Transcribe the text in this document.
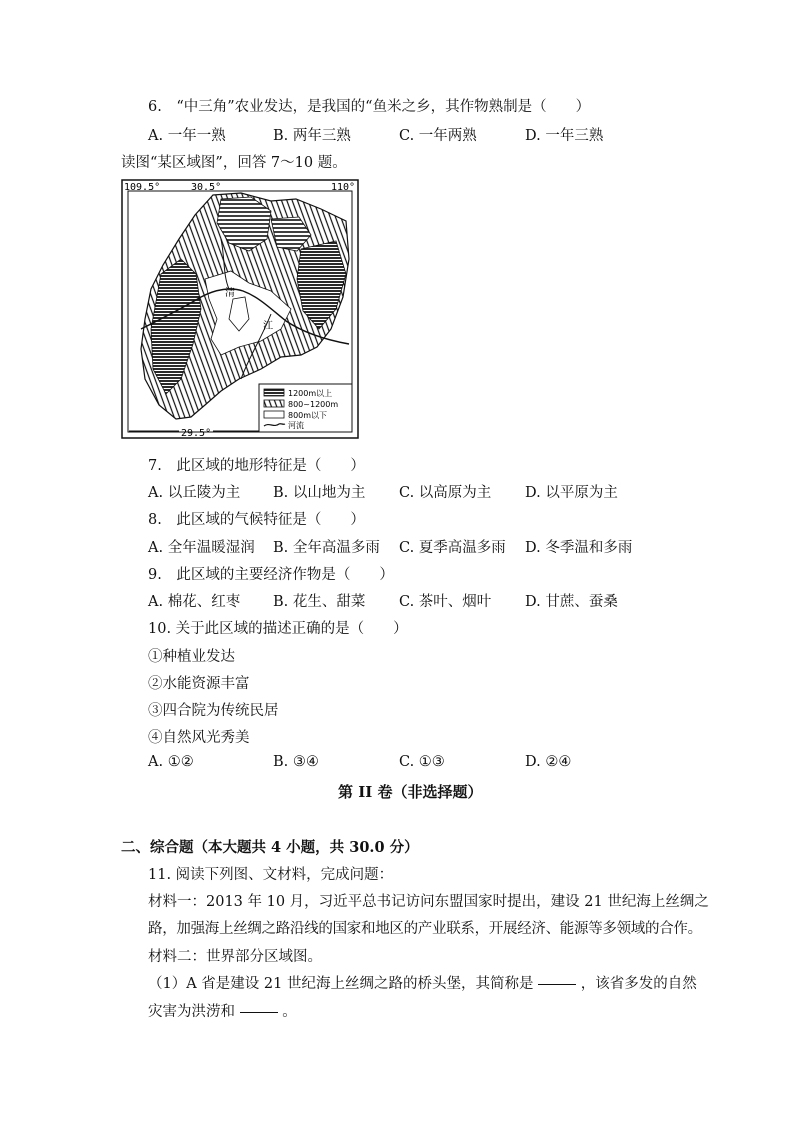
6.　“中三角”农业发达，是我国的“鱼米之乡，其作物熟制是（　　）
A. 一年一熟	B. 两年三熟	C. 一年两熟	D. 一年三熟
读图“某区域图”，回答 7～10 题。
109.5°	30.5°	110°
29.5°
清
江
1200m以上
800~1200m
800m以下
河流
7.　此区域的地形特征是（　　）
A. 以丘陵为主 B. 以山地为主 C. 以高原为主 D. 以平原为主
8.　此区域的气候特征是（　　）
A. 全年温暖湿润 B. 全年高温多雨 C. 夏季高温多雨 D. 冬季温和多雨
9.　此区域的主要经济作物是（　　）
A. 棉花、红枣 B. 花生、甜菜 C. 茶叶、烟叶 D. 甘蔗、蚕桑
10. 关于此区域的描述正确的是（　　）
①种植业发达
②水能资源丰富
③四合院为传统民居
④自然风光秀美
A. ①②	B. ③④	C. ①③	D. ②④
第 II 卷（非选择题）
二、综合题（本大题共 4 小题，共 30.0 分）
11. 阅读下列图、文材料，完成问题：
材料一：2013 年 10 月，习近平总书记访问东盟国家时提出，建设 21 世纪海上丝绸之
路，加强海上丝绸之路沿线的国家和地区的产业联系，开展经济、能源等多领域的合作。
材料二：世界部分区域图。
（1）A 省是建设 21 世纪海上丝绸之路的桥头堡，其简称是	，该省多发的自然
灾害为洪涝和	。
